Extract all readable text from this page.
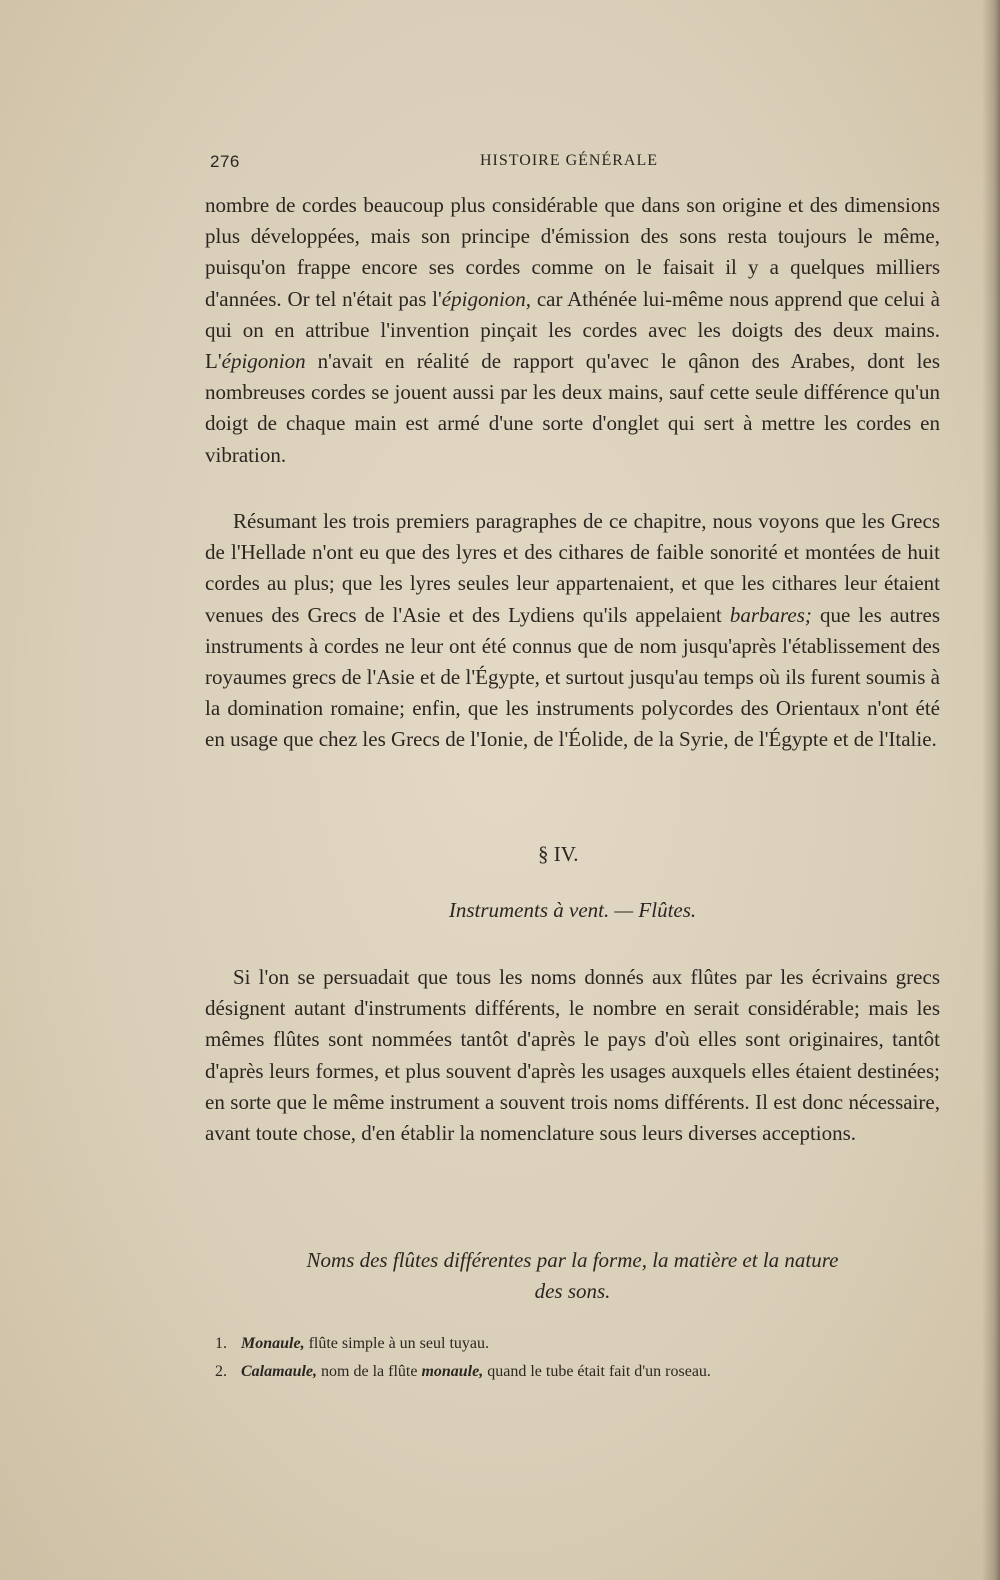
276	HISTOIRE GÉNÉRALE

nombre de cordes beaucoup plus considérable que dans son origine et des dimensions plus développées, mais son principe d'émission des sons resta toujours le même, puisqu'on frappe encore ses cordes comme on le faisait il y a quelques milliers d'années. Or tel n'était pas l'épigonion, car Athénée lui-même nous apprend que celui à qui on en attribue l'invention pinçait les cordes avec les doigts des deux mains. L'épigonion n'avait en réalité de rapport qu'avec le qânon des Arabes, dont les nombreuses cordes se jouent aussi par les deux mains, sauf cette seule différence qu'un doigt de chaque main est armé d'une sorte d'onglet qui sert à mettre les cordes en vibration.

Résumant les trois premiers paragraphes de ce chapitre, nous voyons que les Grecs de l'Hellade n'ont eu que des lyres et des cithares de faible sonorité et montées de huit cordes au plus; que les lyres seules leur appartenaient, et que les cithares leur étaient venues des Grecs de l'Asie et des Lydiens qu'ils appelaient barbares; que les autres instruments à cordes ne leur ont été connus que de nom jusqu'après l'établissement des royaumes grecs de l'Asie et de l'Égypte, et surtout jusqu'au temps où ils furent soumis à la domination romaine; enfin, que les instruments polycordes des Orientaux n'ont été en usage que chez les Grecs de l'Ionie, de l'Éolide, de la Syrie, de l'Égypte et de l'Italie.

§ IV.
Instruments à vent. — Flûtes.

Si l'on se persuadait que tous les noms donnés aux flûtes par les écrivains grecs désignent autant d'instruments différents, le nombre en serait considérable; mais les mêmes flûtes sont nommées tantôt d'après le pays d'où elles sont originaires, tantôt d'après leurs formes, et plus souvent d'après les usages auxquels elles étaient destinées; en sorte que le même instrument a souvent trois noms différents. Il est donc nécessaire, avant toute chose, d'en établir la nomenclature sous leurs diverses acceptions.

Noms des flûtes différentes par la forme, la matière et la nature
des sons.
1. Monaule, flûte simple à un seul tuyau.
2. Calamaule, nom de la flûte monaule, quand le tube était fait d'un roseau.
